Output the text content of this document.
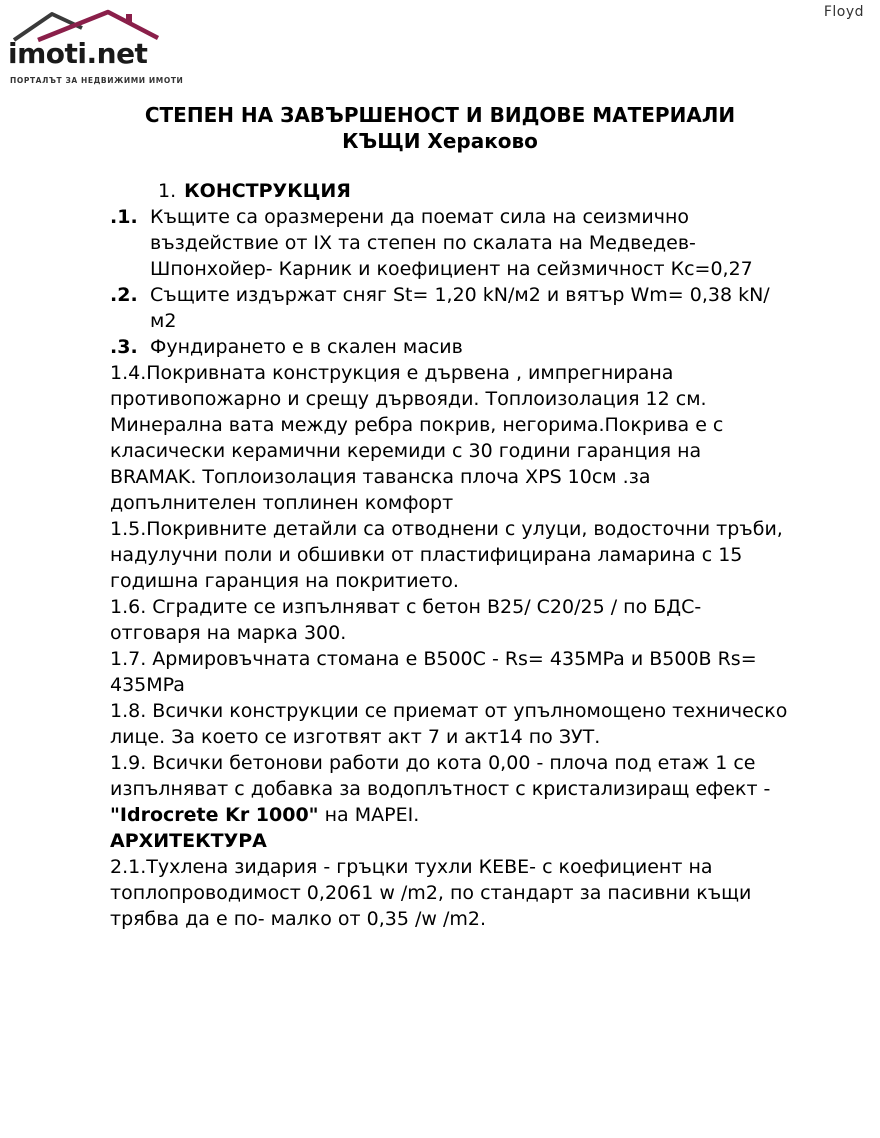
Floyd
imoti.net
ПОРТАЛЪТ ЗА НЕДВИЖИМИ ИМОТИ
СТЕПЕН НА ЗАВЪРШЕНОСТ И ВИДОВЕ МАТЕРИАЛИ
КЪЩИ Хераково
1. КОНСТРУКЦИЯ
.1. Къщите са оразмерени да поемат сила на сеизмично въздействие от IX та степен по скалата на Медведев-Шпонхойер- Карник и коефициент на сейзмичност Кс=0,27
.2. Същите издържат сняг St= 1,20 kN/м2 и вятър Wm= 0,38 kN/м2
.3. Фундирането е в скален масив
1.4.Покривната конструкция е дървена , импрегнирана противопожарно и срещу дървояди. Топлоизолация 12 см. Минерална вата между ребра покрив, негорима.Покрива е с класически керамични керемиди с 30 години гаранция на BRAMAK. Топлоизолация таванска плоча XPS 10см .за допълнителен топлинен комфорт
1.5.Покривните детайли са отводнени с улуци, водосточни тръби, надулучни поли и обшивки от пластифицирана ламарина с 15 годишна гаранция на покритието.
1.6. Сградите се изпълняват с бетон В25/ C20/25 / по БДС- отговаря на марка 300.
1.7. Армировъчната стомана е B500C - Rs= 435MPa и B500B Rs= 435MPa
1.8. Всички конструкции се приемат от упълномощено техническо лице. За което се изготвят акт 7 и акт14 по ЗУТ.
1.9. Всички бетонови работи до кота 0,00 - плоча под етаж 1 се изпълняват с добавка за водоплътност с кристализиращ ефект - "Idrocrete Kr 1000" на MAPEI.
АРХИТЕКТУРА
2.1.Тухлена зидария - гръцки тухли КЕВЕ- с коефициент на топлопроводимост 0,2061 w /m2, по стандарт за пасивни къщи трябва да е по- малко от 0,35 /w /m2.
